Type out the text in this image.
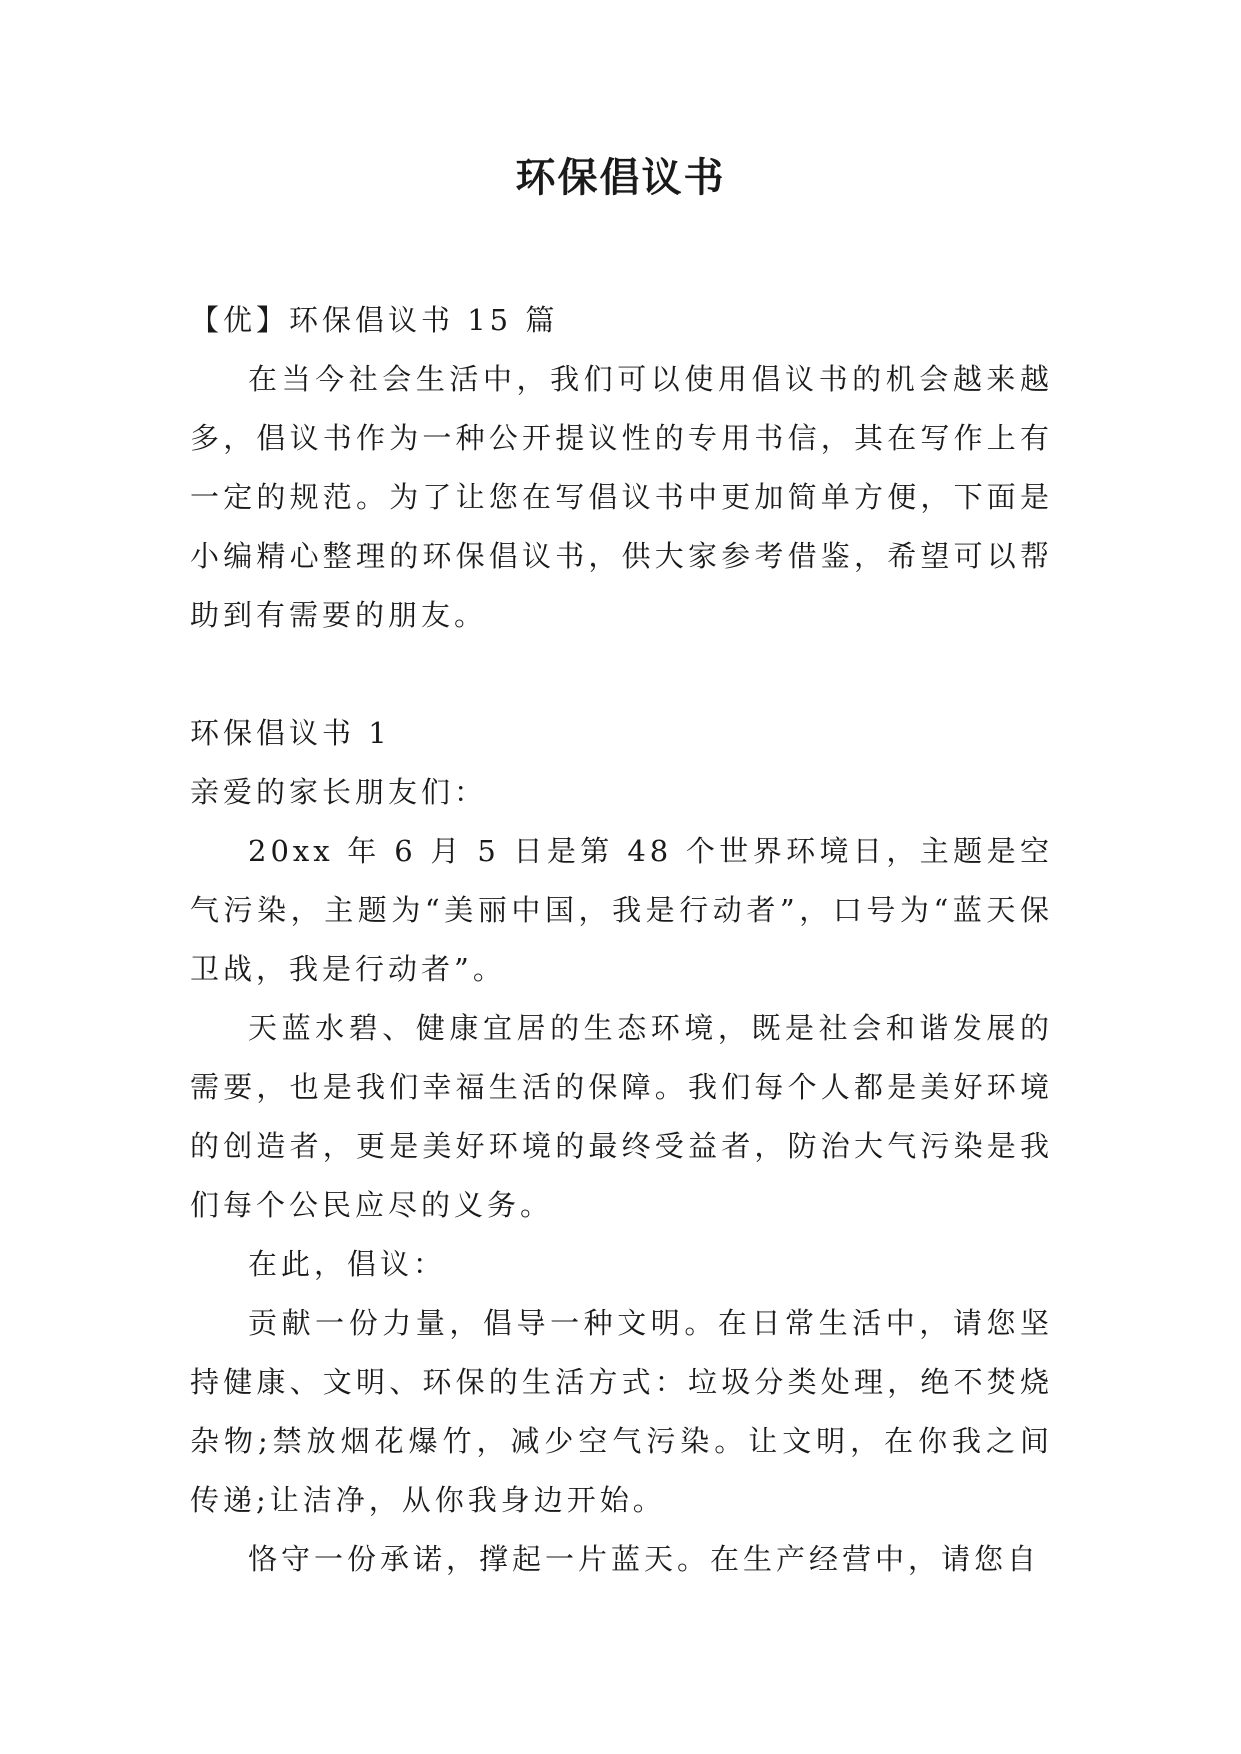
环保倡议书

【优】环保倡议书 15 篇

在当今社会生活中，我们可以使用倡议书的机会越来越多，倡议书作为一种公开提议性的专用书信，其在写作上有一定的规范。为了让您在写倡议书中更加简单方便，下面是小编精心整理的环保倡议书，供大家参考借鉴，希望可以帮助到有需要的朋友。

环保倡议书 1

亲爱的家长朋友们：

20xx 年 6 月 5 日是第 48 个世界环境日，主题是空气污染，主题为“美丽中国，我是行动者”，口号为“蓝天保卫战，我是行动者”。

天蓝水碧、健康宜居的生态环境，既是社会和谐发展的需要，也是我们幸福生活的保障。我们每个人都是美好环境的创造者，更是美好环境的最终受益者，防治大气污染是我们每个公民应尽的义务。

在此，倡议：

贡献一份力量，倡导一种文明。在日常生活中，请您坚持健康、文明、环保的生活方式：垃圾分类处理，绝不焚烧杂物;禁放烟花爆竹，减少空气污染。让文明，在你我之间传递;让洁净，从你我身边开始。

恪守一份承诺，撑起一片蓝天。在生产经营中，请您自
